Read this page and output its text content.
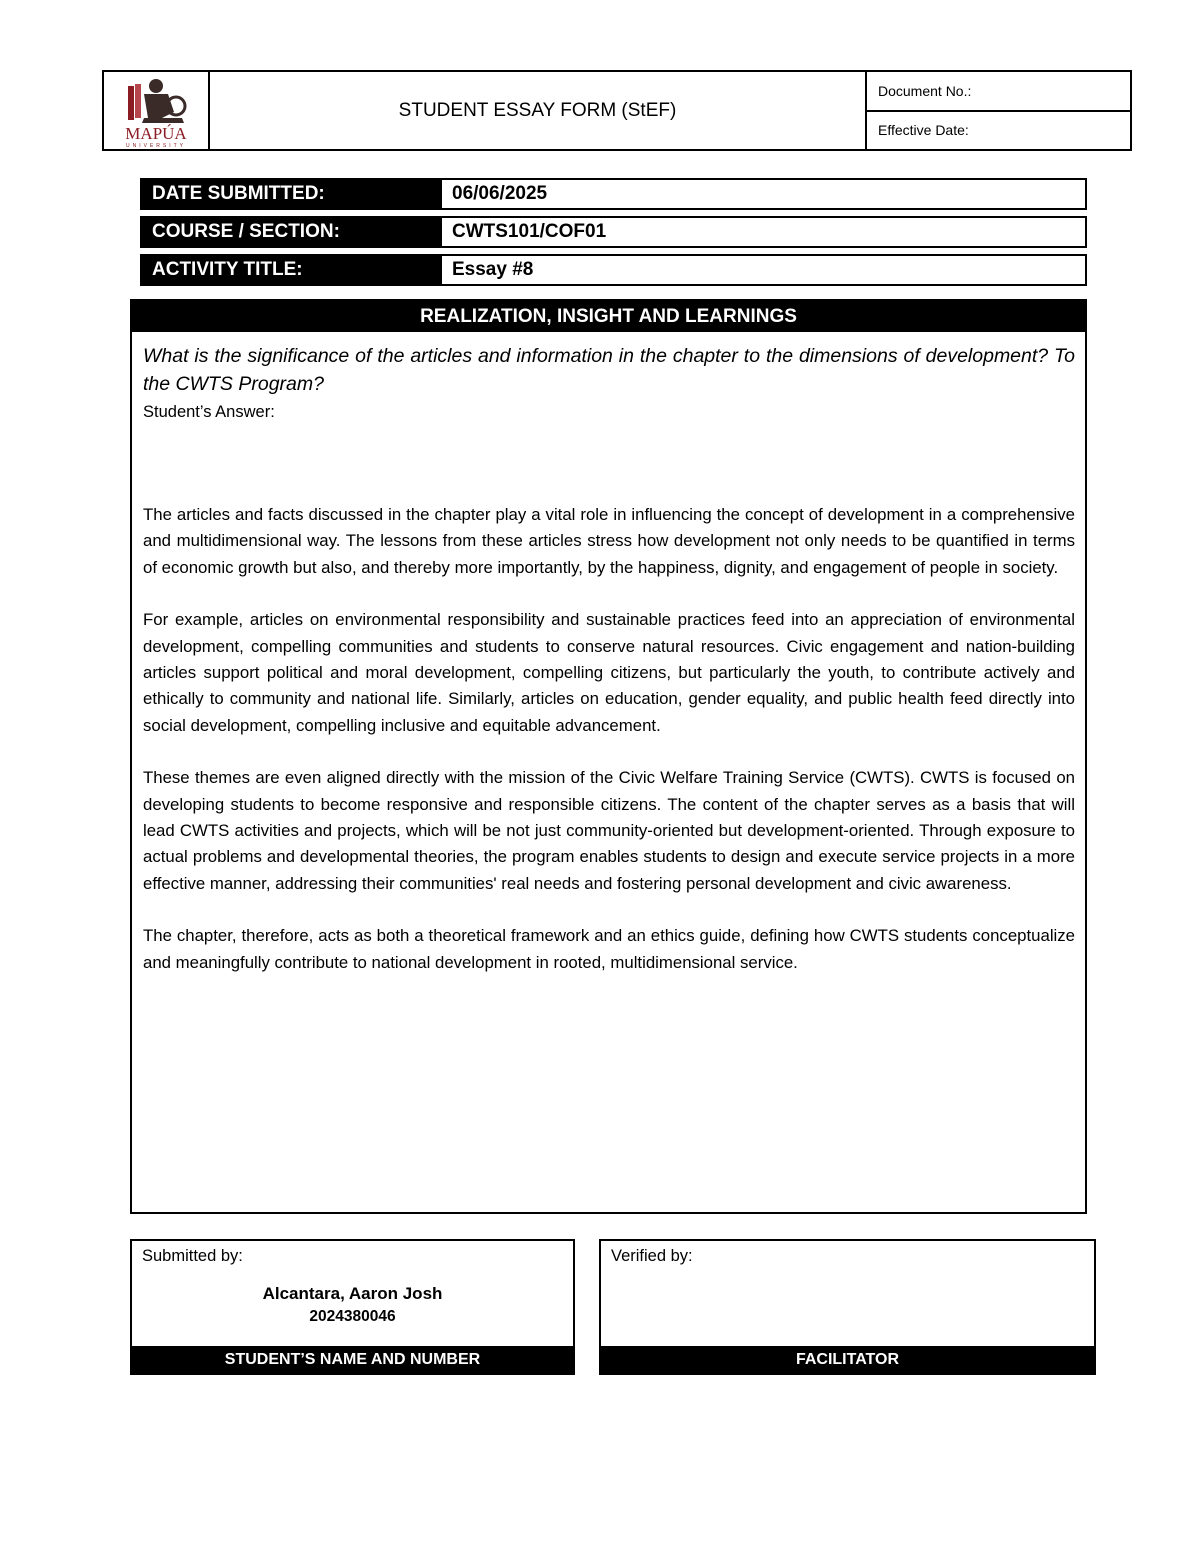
MAPÚA
UNIVERSITY
STUDENT ESSAY FORM (StEF)
Document No.:
Effective Date:
DATE SUBMITTED:	06/06/2025
COURSE / SECTION:	CWTS101/COF01
ACTIVITY TITLE:	Essay #8
REALIZATION, INSIGHT AND LEARNINGS
What is the significance of the articles and information in the chapter to the dimensions of development? To the CWTS Program?
Student’s Answer:

The articles and facts discussed in the chapter play a vital role in influencing the concept of development in a comprehensive and multidimensional way. The lessons from these articles stress how development not only needs to be quantified in terms of economic growth but also, and thereby more importantly, by the happiness, dignity, and engagement of people in society.

For example, articles on environmental responsibility and sustainable practices feed into an appreciation of environmental development, compelling communities and students to conserve natural resources. Civic engagement and nation-building articles support political and moral development, compelling citizens, but particularly the youth, to contribute actively and ethically to community and national life. Similarly, articles on education, gender equality, and public health feed directly into social development, compelling inclusive and equitable advancement.

These themes are even aligned directly with the mission of the Civic Welfare Training Service (CWTS). CWTS is focused on developing students to become responsive and responsible citizens. The content of the chapter serves as a basis that will lead CWTS activities and projects, which will be not just community-oriented but development-oriented. Through exposure to actual problems and developmental theories, the program enables students to design and execute service projects in a more effective manner, addressing their communities' real needs and fostering personal development and civic awareness.

The chapter, therefore, acts as both a theoretical framework and an ethics guide, defining how CWTS students conceptualize and meaningfully contribute to national development in rooted, multidimensional service.

Submitted by:
Alcantara, Aaron Josh
2024380046
STUDENT’S NAME AND NUMBER
Verified by:
FACILITATOR
